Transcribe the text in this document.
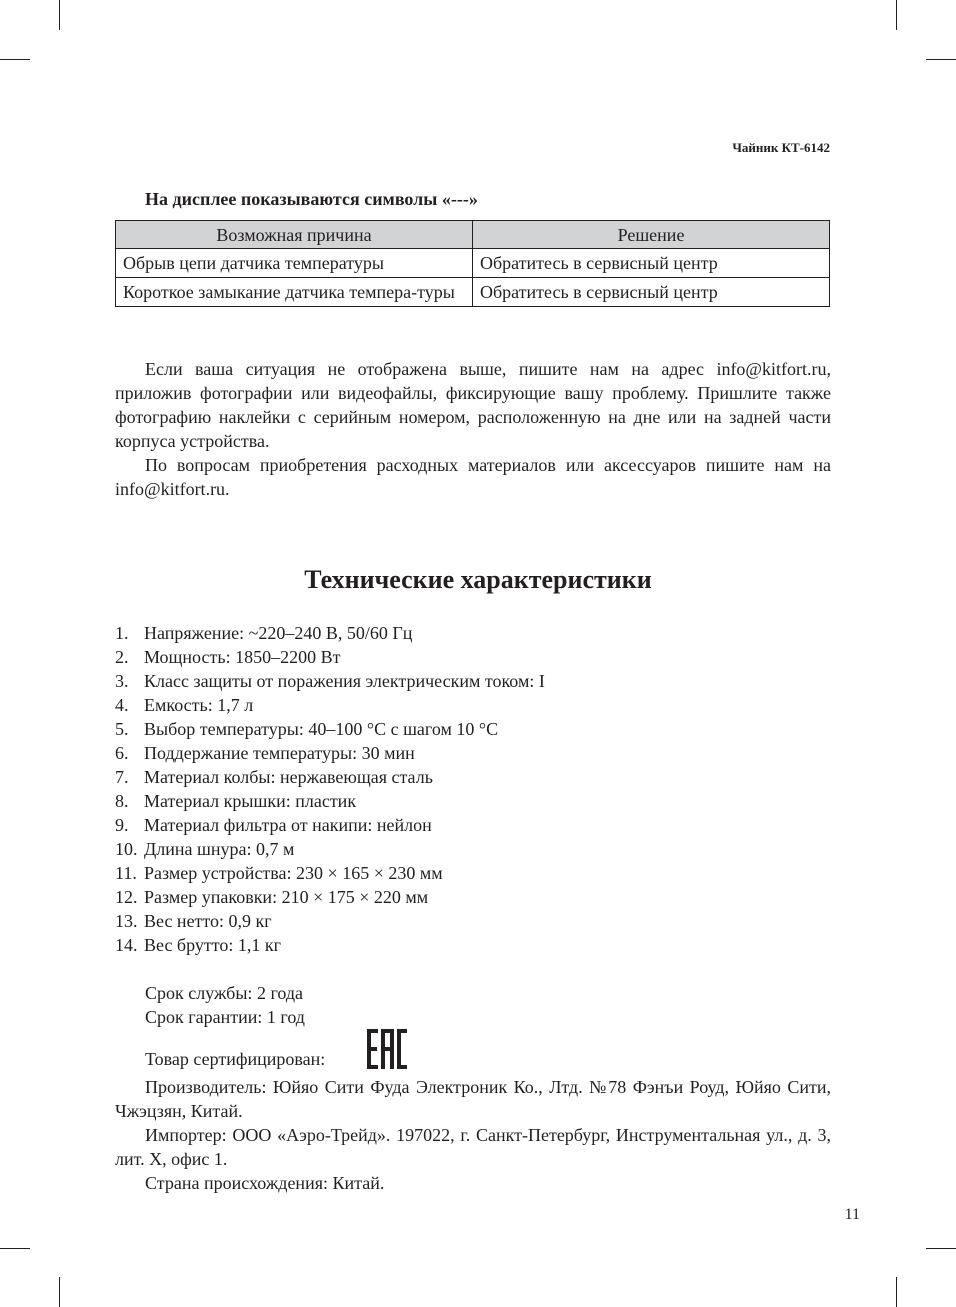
Чайник КТ-6142
На дисплее показываются символы «---»
Возможная причина	Решение
Обрыв цепи датчика температуры	Обратитесь в сервисный центр
Короткое замыкание датчика темпера-туры	Обратитесь в сервисный центр

Если ваша ситуация не отображена выше, пишите нам на адрес info@kitfort.ru, приложив фотографии или видеофайлы, фиксирующие вашу проблему. Пришлите также фотографию наклейки с серийным номером, расположенную на дне или на задней части корпуса устройства.

По вопросам приобретения расходных материалов или аксессуаров пишите нам на info@kitfort.ru.

Технические характеристики
1. Напряжение: ~220–240 В, 50/60 Гц
2. Мощность: 1850–2200 Вт
3. Класс защиты от поражения электрическим током: I
4. Емкость: 1,7 л
5. Выбор температуры: 40–100 °С с шагом 10 °С
6. Поддержание температуры: 30 мин
7. Материал колбы: нержавеющая сталь
8. Материал крышки: пластик
9. Материал фильтра от накипи: нейлон
10. Длина шнура: 0,7 м
11. Размер устройства: 230 × 165 × 230 мм
12. Размер упаковки: 210 × 175 × 220 мм
13. Вес нетто: 0,9 кг
14. Вес брутто: 1,1 кг

Срок службы: 2 года

Срок гарантии: 1 год

Товар сертифицирован:

Производитель: Юйяо Сити Фуда Электроник Ко., Лтд. №78 Фэнъи Роуд, Юйяо Сити, Чжэцзян, Китай.

Импортер: ООО «Аэро-Трейд». 197022, г. Санкт-Петербург, Инструментальная ул., д. 3, лит. Х, офис 1.

Страна происхождения: Китай.

11
